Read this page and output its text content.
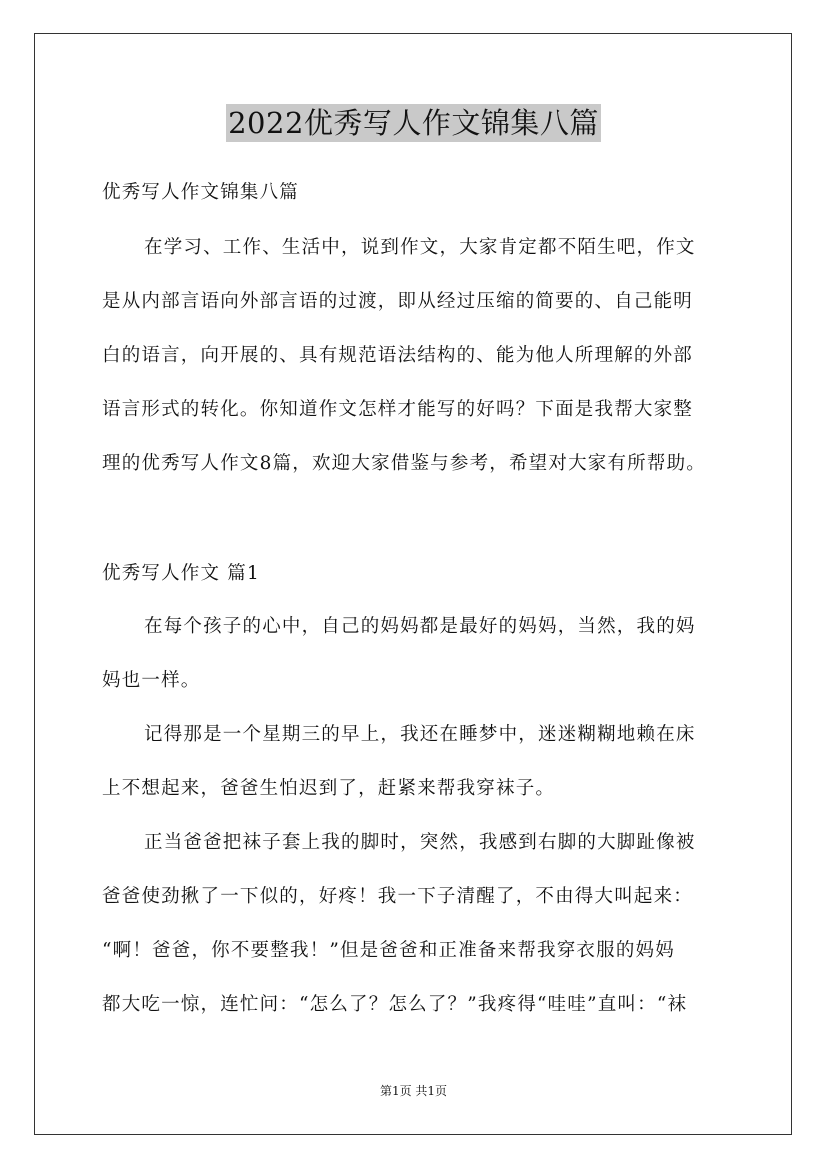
2022优秀写人作文锦集八篇
优秀写人作文锦集八篇
在学习、工作、生活中，说到作文，大家肯定都不陌生吧，作文
是从内部言语向外部言语的过渡，即从经过压缩的简要的、自己能明
白的语言，向开展的、具有规范语法结构的、能为他人所理解的外部
语言形式的转化。你知道作文怎样才能写的好吗？下面是我帮大家整
理的优秀写人作文8篇，欢迎大家借鉴与参考，希望对大家有所帮助。
优秀写人作文 篇1
在每个孩子的心中，自己的妈妈都是最好的妈妈，当然，我的妈
妈也一样。
记得那是一个星期三的早上，我还在睡梦中，迷迷糊糊地赖在床
上不想起来，爸爸生怕迟到了，赶紧来帮我穿袜子。
正当爸爸把袜子套上我的脚时，突然，我感到右脚的大脚趾像被
爸爸使劲揪了一下似的，好疼！我一下子清醒了，不由得大叫起来：
“啊！爸爸，你不要整我！”但是爸爸和正准备来帮我穿衣服的妈妈
都大吃一惊，连忙问：“怎么了？怎么了？”我疼得“哇哇”直叫：“袜
第1页 共1页
